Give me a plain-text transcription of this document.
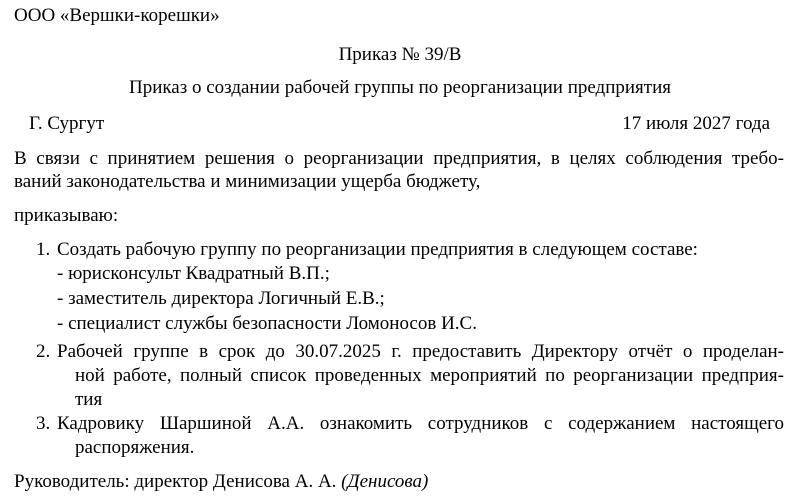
ООО «Вершки-корешки»
Приказ № 39/В
Приказ о создании рабочей группы по реорганизации предприятия
Г. Сургут	17 июля 2027 года
В связи с принятием решения о реорганизации предприятия, в целях соблюдения требо-
ваний законодательства и минимизации ущерба бюджету,
приказываю:
1. Создать рабочую группу по реорганизации предприятия в следующем составе:
- юрисконсульт Квадратный В.П.;
- заместитель директора Логичный Е.В.;
- специалист службы безопасности Ломоносов И.С.
2. Рабочей группе в срок до 30.07.2025 г. предоставить Директору отчёт о проделан-
ной работе, полный список проведенных мероприятий по реорганизации предприя-
тия
3. Кадровику Шаршиной А.А. ознакомить сотрудников с содержанием настоящего
распоряжения.
Руководитель: директор Денисова А. А. (Денисова)
